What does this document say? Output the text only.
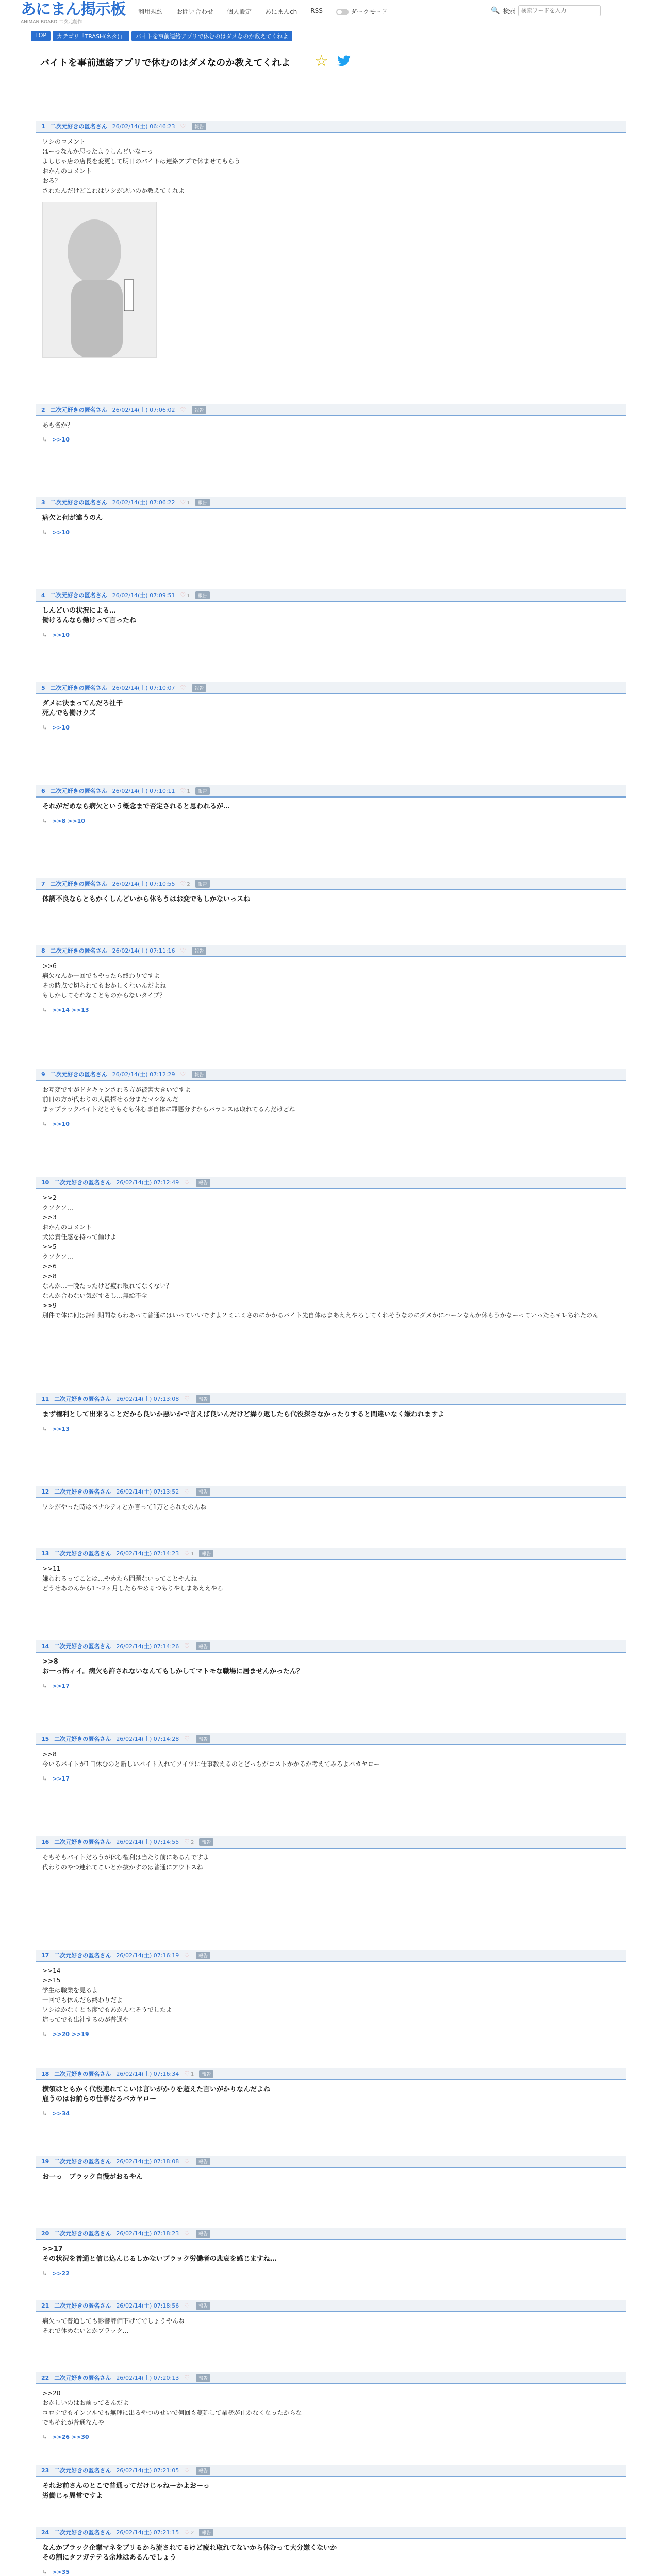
あにまん掲示板
ANIMAN BOARD 二次元創作
利用規約 お問い合わせ 個人設定 あにまんch RSS	ダークモード	🔍 検索
検索ワードを入力
TOP	カテゴリ「TRASH(ネタ)」	バイトを事前連絡アプリで休むのはダメなのか教えてくれよ
バイトを事前連絡アプリで休むのはダメなのか教えてくれよ ☆
1 二次元好きの匿名さん 26/02/14(土) 06:46:23 ♡	報告
ワシのコメント
はーっなんか思ったよりしんどいなーっ
よしじゃ店の店長を変更して明日のバイトは連絡アプで休ませてもらう
おかんのコメント
おる？
されたんだけどこれはワシが悪いのか教えてくれよ
2 二次元好きの匿名さん 26/02/14(土) 07:06:02 ♡	報告
あも名か？
↳ >>10
3 二次元好きの匿名さん 26/02/14(土) 07:06:22 ♡ 1	報告
病欠と何が違うのん
↳ >>10
4 二次元好きの匿名さん 26/02/14(土) 07:09:51 ♡ 1	報告
しんどいの状況による…
働けるんなら働けって言ったね
↳ >>10
5 二次元好きの匿名さん 26/02/14(土) 07:10:07 ♡	報告
ダメに決まってんだろ社干
死んでも働けクズ
↳ >>10
6 二次元好きの匿名さん 26/02/14(土) 07:10:11 ♡ 1	報告
それがだめなら病欠という概念まで否定されると思われるが…
↳ >>8 >>10
7 二次元好きの匿名さん 26/02/14(土) 07:10:55 ♡ 2	報告
体調不良ならともかくしんどいから休もうはお変でもしかないっスね
8 二次元好きの匿名さん 26/02/14(土) 07:11:16 ♡	報告
>>6
病欠なんか一回でもやったら終わりですよ
その時点で切られてもおかしくないんだよね
もしかしてそれなことものからないタイプ？
↳ >>14 >>13
9 二次元好きの匿名さん 26/02/14(土) 07:12:29 ♡	報告
お互変ですがドタキャンされる方が被害大きいですよ
前日の方が代わりの人員探せる分まだマシなんだ
まップラックバイトだとそもそも休む事自体に罪悪分すからバランスは取れてるんだけどね
↳ >>10
10 二次元好きの匿名さん 26/02/14(土) 07:12:49 ♡	報告
>>2
クソクソ…
>>3
おかんのコメント
犬は責任感を持って働けよ
>>5
クソクソ…
>>6
>>8
なんか…一晩たったけど疲れ取れてなくない？
なんか合わない気がするし…無給不全
>>9
別件で体に何は評価期間ならわあって普通にはいっていいですよ２ミニミさのにかかるバイト先自体はまあええやろしてくれそうなのにダメかにハーンなんか休もうかなーっていったらキレちれたのん
11 二次元好きの匿名さん 26/02/14(土) 07:13:08 ♡	報告
まず権利として出来ることだから良いか悪いかで言えば良いんだけど繰り返したら代役探さなかったりすると間違いなく嫌われますよ
↳ >>13
12 二次元好きの匿名さん 26/02/14(土) 07:13:52 ♡	報告
ワシがやった時はペナルティとか言って1万とられたのんね
13 二次元好きの匿名さん 26/02/14(土) 07:14:23 ♡ 1	報告
>>11
嫌われるってことは…やめたら問題ないってことやんね
どうせあのんから1〜2ヶ月したらやめるつもりやしまあええやろ
14 二次元好きの匿名さん 26/02/14(土) 07:14:26 ♡	報告
>>8
お一っ怖ィイ。病欠も許されないなんてもしかしてマトモな職場に居ませんかったん？
↳ >>17
15 二次元好きの匿名さん 26/02/14(土) 07:14:28 ♡	報告
>>8
今いるバイトが1日休むのと新しいバイト入れてソイツに仕事教えるのとどっちがコストかかるか考えてみろよバカヤロー
↳ >>17
16 二次元好きの匿名さん 26/02/14(土) 07:14:55 ♡ 2	報告
そもそもバイトだろうが休む権利は当たり前にあるんですよ
代わりのやつ連れてこいとか抜かすのは普通にアウトスね
17 二次元好きの匿名さん 26/02/14(土) 07:16:19 ♡	報告
>>14
>>15
学生は職業を見るよ
一回でも休んだら終わりだよ
ワシはかなくとも度でもあかんなそうでしたよ
這ってでも出社するのが普通や
↳ >>20 >>19
18 二次元好きの匿名さん 26/02/14(土) 07:16:34 ♡ 1	報告
横領はともかく代役連れてこいは言いがかりを超えた言いがかりなんだよね
雇うのはお前らの仕事だろバカヤロー
↳ >>34
19 二次元好きの匿名さん 26/02/14(土) 07:18:08 ♡	報告
お一っ　ブラック自慢がおるやん
20 二次元好きの匿名さん 26/02/14(土) 07:18:23 ♡	報告
>>17
その状況を普通と信じ込んじるしかないブラック労働者の悲哀を感じますね…
↳ >>22
21 二次元好きの匿名さん 26/02/14(土) 07:18:56 ♡	報告
病欠って普通しても影響評価下げてでしょうやんね
それで休めないとかブラック…
22 二次元好きの匿名さん 26/02/14(土) 07:20:13 ♡	報告
>>20
おかしいのはお前ってるんだよ
コロナでもインフルでも無理に出るやつのせいで何回も蔓延して業務が止かなくなったからな
でもそれが普通なんや
↳ >>26 >>30
23 二次元好きの匿名さん 26/02/14(土) 07:21:05 ♡	報告
それお前さんのとこで普通ってだけじゃねーかよおーっ
労働じゃ異常ですよ
24 二次元好きの匿名さん 26/02/14(土) 07:21:15 ♡ 2	報告
なんかブラック企業マネをブリるから流されてるけど疲れ取れてないから休むって大分嫌くないか
その割にタフガテテる余地はあるんでしょう
↳ >>35
